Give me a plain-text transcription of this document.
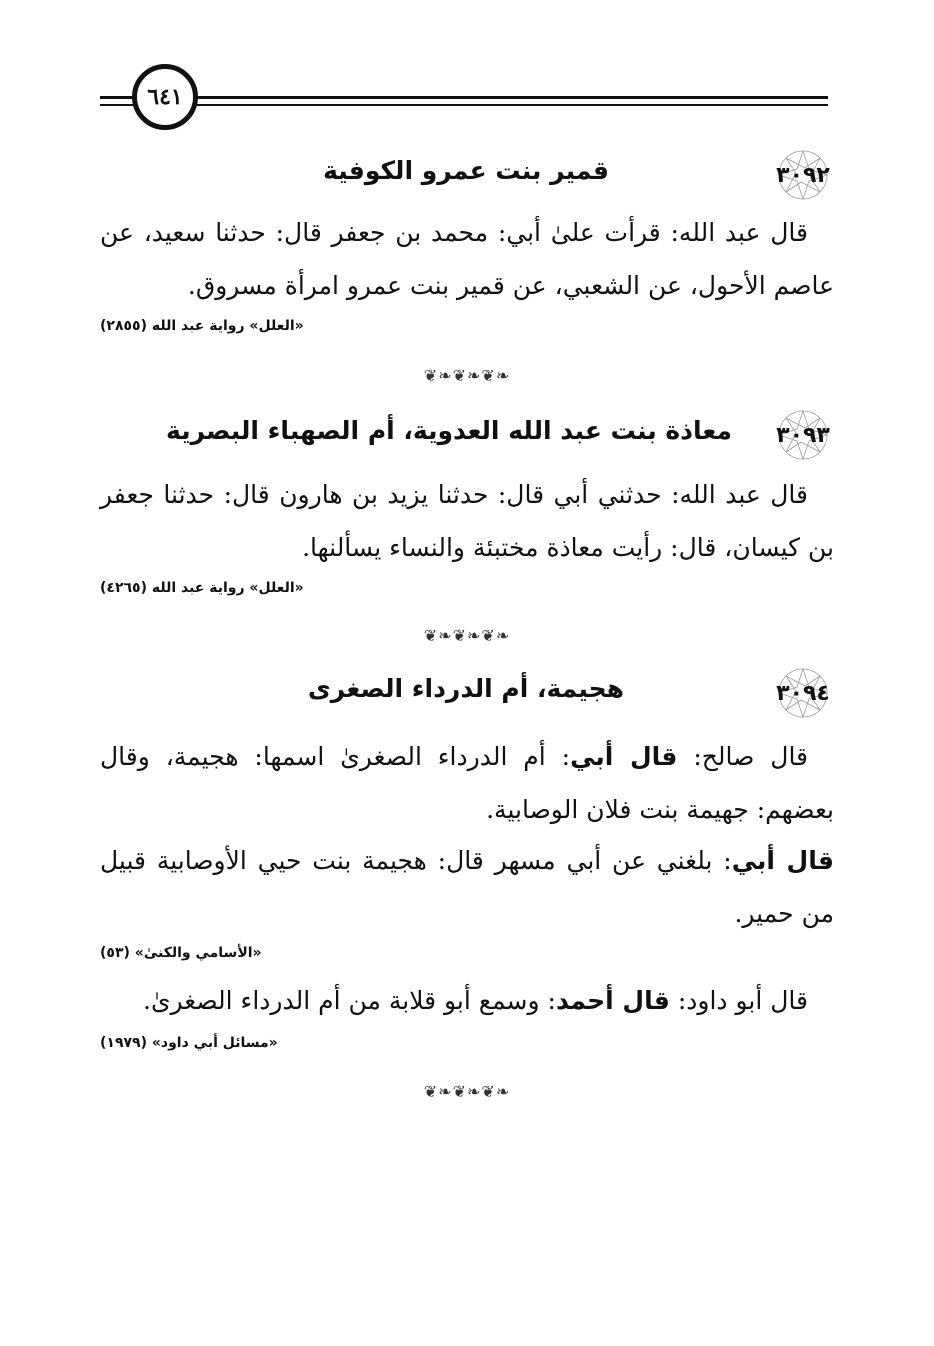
٦٤١
٣٠٩٢
قمير بنت عمرو الكوفية
قال عبد الله: قرأت علىٰ أبي: محمد بن جعفر قال: حدثنا سعيد، عن عاصم الأحول، عن الشعبي، عن قمير بنت عمرو امرأة مسروق.
«العلل» رواية عبد الله (٢٨٥٥)
❦❧❦❧❦❧
٣٠٩٣
معاذة بنت عبد الله العدوية، أم الصهباء البصرية
قال عبد الله: حدثني أبي قال: حدثنا يزيد بن هارون قال: حدثنا جعفر بن كيسان، قال: رأيت معاذة مختبئة والنساء يسألنها.
«العلل» رواية عبد الله (٤٢٦٥)
❦❧❦❧❦❧
٣٠٩٤
هجيمة، أم الدرداء الصغرى
قال صالح: قال أبي: أم الدرداء الصغرىٰ اسمها: هجيمة، وقال بعضهم: جهيمة بنت فلان الوصابية.
قال أبي: بلغني عن أبي مسهر قال: هجيمة بنت حيي الأوصابية قبيل من حمير.
«الأسامي والكنىٰ» (٥٣)
قال أبو داود: قال أحمد: وسمع أبو قلابة من أم الدرداء الصغرىٰ.
«مسائل أبي داود» (١٩٧٩)
❦❧❦❧❦❧
